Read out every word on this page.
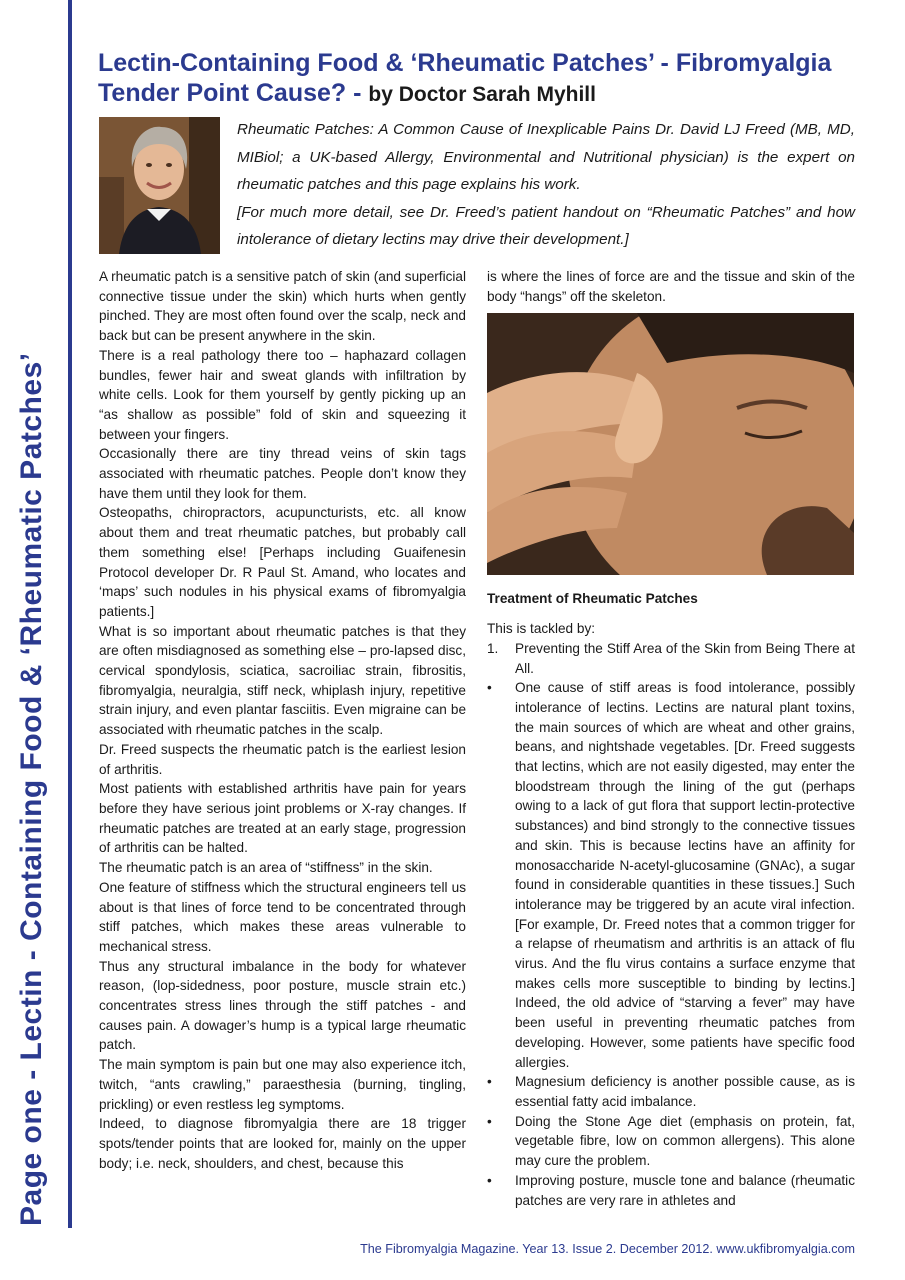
Page one - Lectin - Containing Food & ‘Rheumatic Patches’
Lectin-Containing Food & ‘Rheumatic Patches’ - Fibromyalgia Tender Point Cause? - by Doctor Sarah Myhill

Rheumatic Patches: A Common Cause of Inexplicable Pains Dr. David LJ Freed (MB, MD, MIBiol; a UK-based Allergy, Environmental and Nutritional physician) is the expert on rheumatic patches and this page explains his work.

[For much more detail, see Dr. Freed’s patient handout on “Rheumatic Patches” and how intolerance of dietary lectins may drive their development.]

A rheumatic patch is a sensitive patch of skin (and superficial connective tissue under the skin) which hurts when gently pinched. They are most often found over the scalp, neck and back but can be present anywhere in the skin.

There is a real pathology there too – haphazard collagen bundles, fewer hair and sweat glands with infiltration by white cells. Look for them yourself by gently picking up an “as shallow as possible” fold of skin and squeezing it between your fingers.

Occasionally there are tiny thread veins of skin tags associated with rheumatic patches. People don’t know they have them until they look for them.

Osteopaths, chiropractors, acupuncturists, etc. all know about them and treat rheumatic patches, but probably call them something else! [Perhaps including Guaifenesin Protocol developer Dr. R Paul St. Amand, who locates and ‘maps’ such nodules in his physical exams of fibromyalgia patients.]

What is so important about rheumatic patches is that they are often misdiagnosed as something else – pro-lapsed disc, cervical spondylosis, sciatica, sacroiliac strain, fibrositis, fibromyalgia, neuralgia, stiff neck, whiplash injury, repetitive strain injury, and even plantar fasciitis. Even migraine can be associated with rheumatic patches in the scalp.

Dr. Freed suspects the rheumatic patch is the earliest lesion of arthritis.

Most patients with established arthritis have pain for years before they have serious joint problems or X-ray changes. If rheumatic patches are treated at an early stage, progression of arthritis can be halted.

The rheumatic patch is an area of “stiffness” in the skin.

One feature of stiffness which the structural engineers tell us about is that lines of force tend to be concentrated through stiff patches, which makes these areas vulnerable to mechanical stress.

Thus any structural imbalance in the body for whatever reason, (lop-sidedness, poor posture, muscle strain etc.) concentrates stress lines through the stiff patches - and causes pain. A dowager’s hump is a typical large rheumatic patch.

The main symptom is pain but one may also experience itch, twitch, “ants crawling,” paraesthesia (burning, tingling, prickling) or even restless leg symptoms.

Indeed, to diagnose fibromyalgia there are 18 trigger spots/tender points that are looked for, mainly on the upper body; i.e. neck, shoulders, and chest, because this

is where the lines of force are and the tissue and skin of the body “hangs” off the skeleton.

Treatment of Rheumatic Patches

This is tackled by:

1. Preventing the Stiff Area of the Skin from Being There at All.
• One cause of stiff areas is food intolerance, possibly intolerance of lectins. Lectins are natural plant toxins, the main sources of which are wheat and other grains, beans, and nightshade vegetables. [Dr. Freed suggests that lectins, which are not easily digested, may enter the bloodstream through the lining of the gut (perhaps owing to a lack of gut flora that support lectin-protective substances) and bind strongly to the connective tissues and skin. This is because lectins have an affinity for monosaccharide N-acetyl-glucosamine (GNAc), a sugar found in considerable quantities in these tissues.] Such intolerance may be triggered by an acute viral infection. [For example, Dr. Freed notes that a common trigger for a relapse of rheumatism and arthritis is an attack of flu virus. And the flu virus contains a surface enzyme that makes cells more susceptible to binding by lectins.] Indeed, the old advice of “starving a fever” may have been useful in preventing rheumatic patches from developing. However, some patients have specific food allergies.
• Magnesium deficiency is another possible cause, as is essential fatty acid imbalance.
• Doing the Stone Age diet (emphasis on protein, fat, vegetable fibre, low on common allergens). This alone may cure the problem.
• Improving posture, muscle tone and balance (rheumatic patches are very rare in athletes and
The Fibromyalgia Magazine. Year 13. Issue 2. December 2012. www.ukfibromyalgia.com
